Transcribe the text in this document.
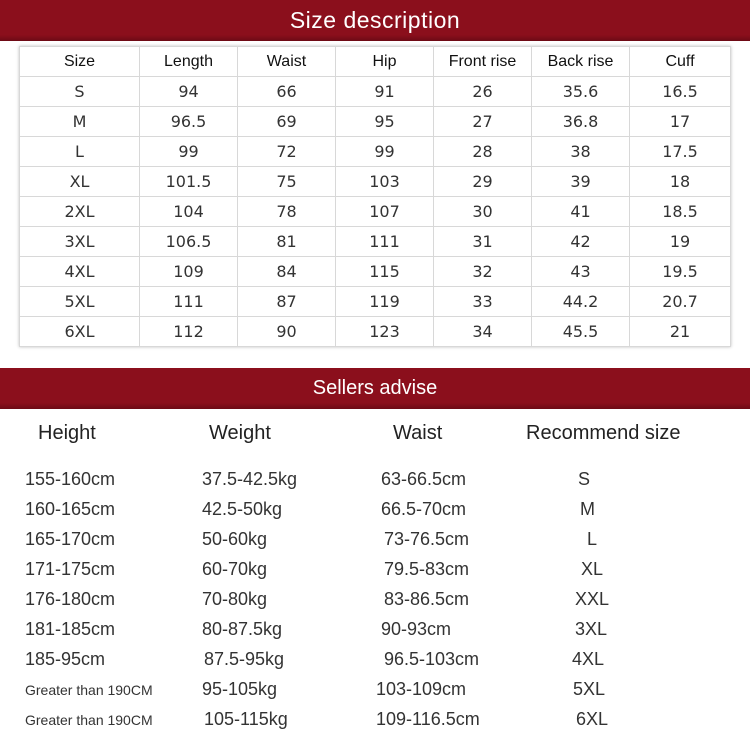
Size description
Size	Length	Waist	Hip	Front rise	Back rise	Cuff
S	94	66	91	26	35.6	16.5
M	96.5	69	95	27	36.8	17
L	99	72	99	28	38	17.5
XL	101.5	75	103	29	39	18
2XL	104	78	107	30	41	18.5
3XL	106.5	81	111	31	42	19
4XL	109	84	115	32	43	19.5
5XL	111	87	119	33	44.2	20.7
6XL	112	90	123	34	45.5	21
Sellers advise
Height	Weight	Waist	Recommend size
155-160cm	37.5-42.5kg	63-66.5cm	S
160-165cm	42.5-50kg	66.5-70cm	M
165-170cm	50-60kg	73-76.5cm	L
171-175cm	60-70kg	79.5-83cm	XL
176-180cm	70-80kg	83-86.5cm	XXL
181-185cm	80-87.5kg	90-93cm	3XL
185-95cm	87.5-95kg	96.5-103cm	4XL
Greater than 190CM	95-105kg	103-109cm	5XL
Greater than 190CM	105-115kg	109-116.5cm	6XL
